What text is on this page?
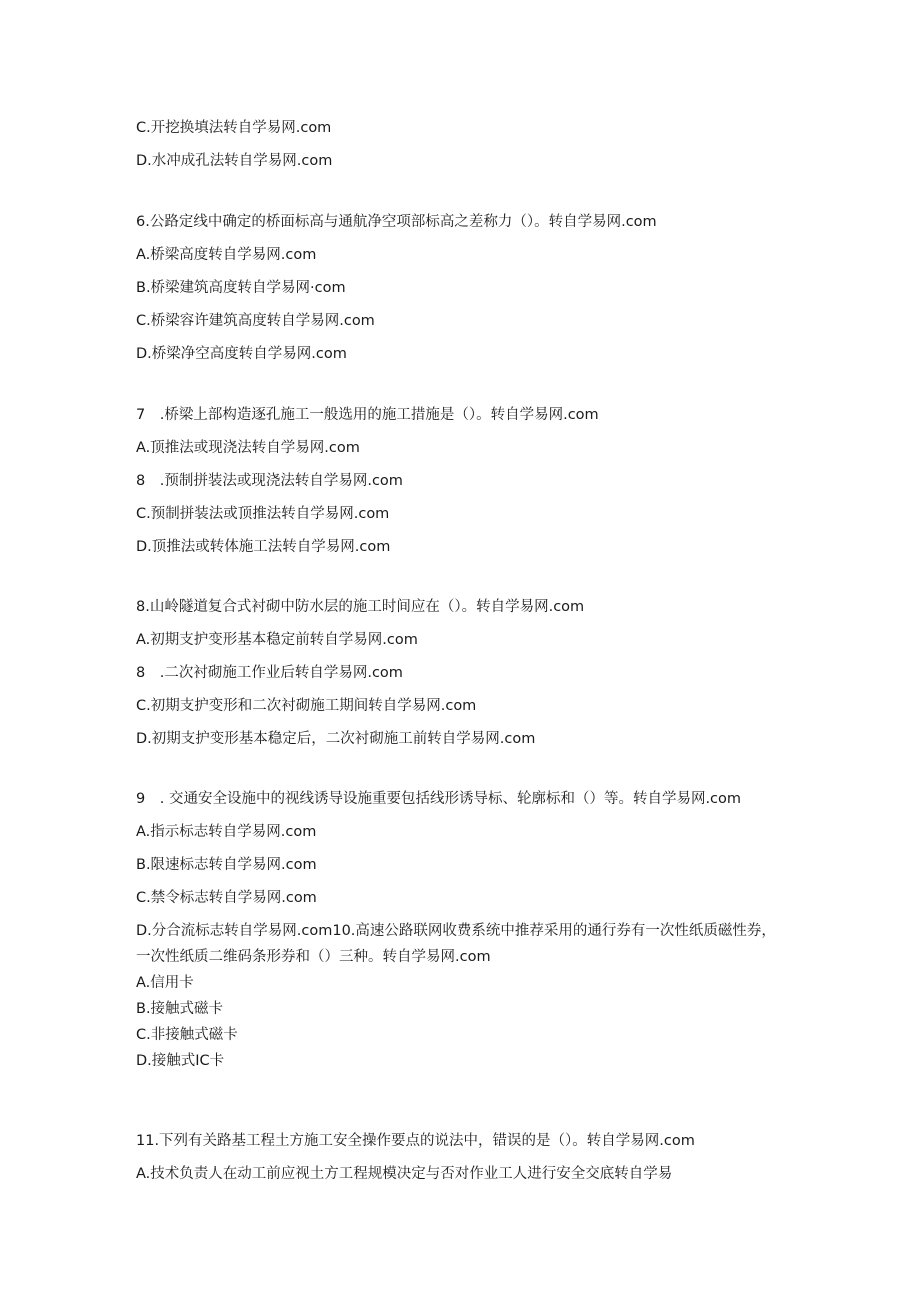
C.开挖换填法转自学易网.com

D.水冲成孔法转自学易网.com

6.公路定线中确定的桥面标高与通航净空项部标高之差称力（）。转自学易网.com

A.桥梁高度转自学易网.com

B.桥梁建筑高度转自学易网·com

C.桥梁容许建筑高度转自学易网.com

D.桥梁净空高度转自学易网.com

7　.桥梁上部构造逐孔施工一般选用的施工措施是（）。转自学易网.com

A.顶推法或现浇法转自学易网.com

8　.预制拼装法或现浇法转自学易网.com

C.预制拼装法或顶推法转自学易网.com

D.顶推法或转体施工法转自学易网.com

8.山岭隧道复合式衬砌中防水层的施工时间应在（）。转自学易网.com

A.初期支护变形基本稳定前转自学易网.com

8　.二次衬砌施工作业后转自学易网.com

C.初期支护变形和二次衬砌施工期间转自学易网.com

D.初期支护变形基本稳定后，二次衬砌施工前转自学易网.com

9　. 交通安全设施中的视线诱导设施重要包括线形诱导标、轮廓标和（）等。转自学易网.com

A.指示标志转自学易网.com

B.限速标志转自学易网.com

C.禁令标志转自学易网.com

D.分合流标志转自学易网.com10.高速公路联网收费系统中推荐采用的通行券有一次性纸质磁性券，一次性纸质二维码条形券和（）三种。转自学易网.com

A.信用卡

B.接触式磁卡

C.非接触式磁卡

D.接触式IC卡

11.下列有关路基工程土方施工安全操作要点的说法中，错误的是（）。转自学易网.com

A.技术负责人在动工前应视土方工程规模决定与否对作业工人进行安全交底转自学易
